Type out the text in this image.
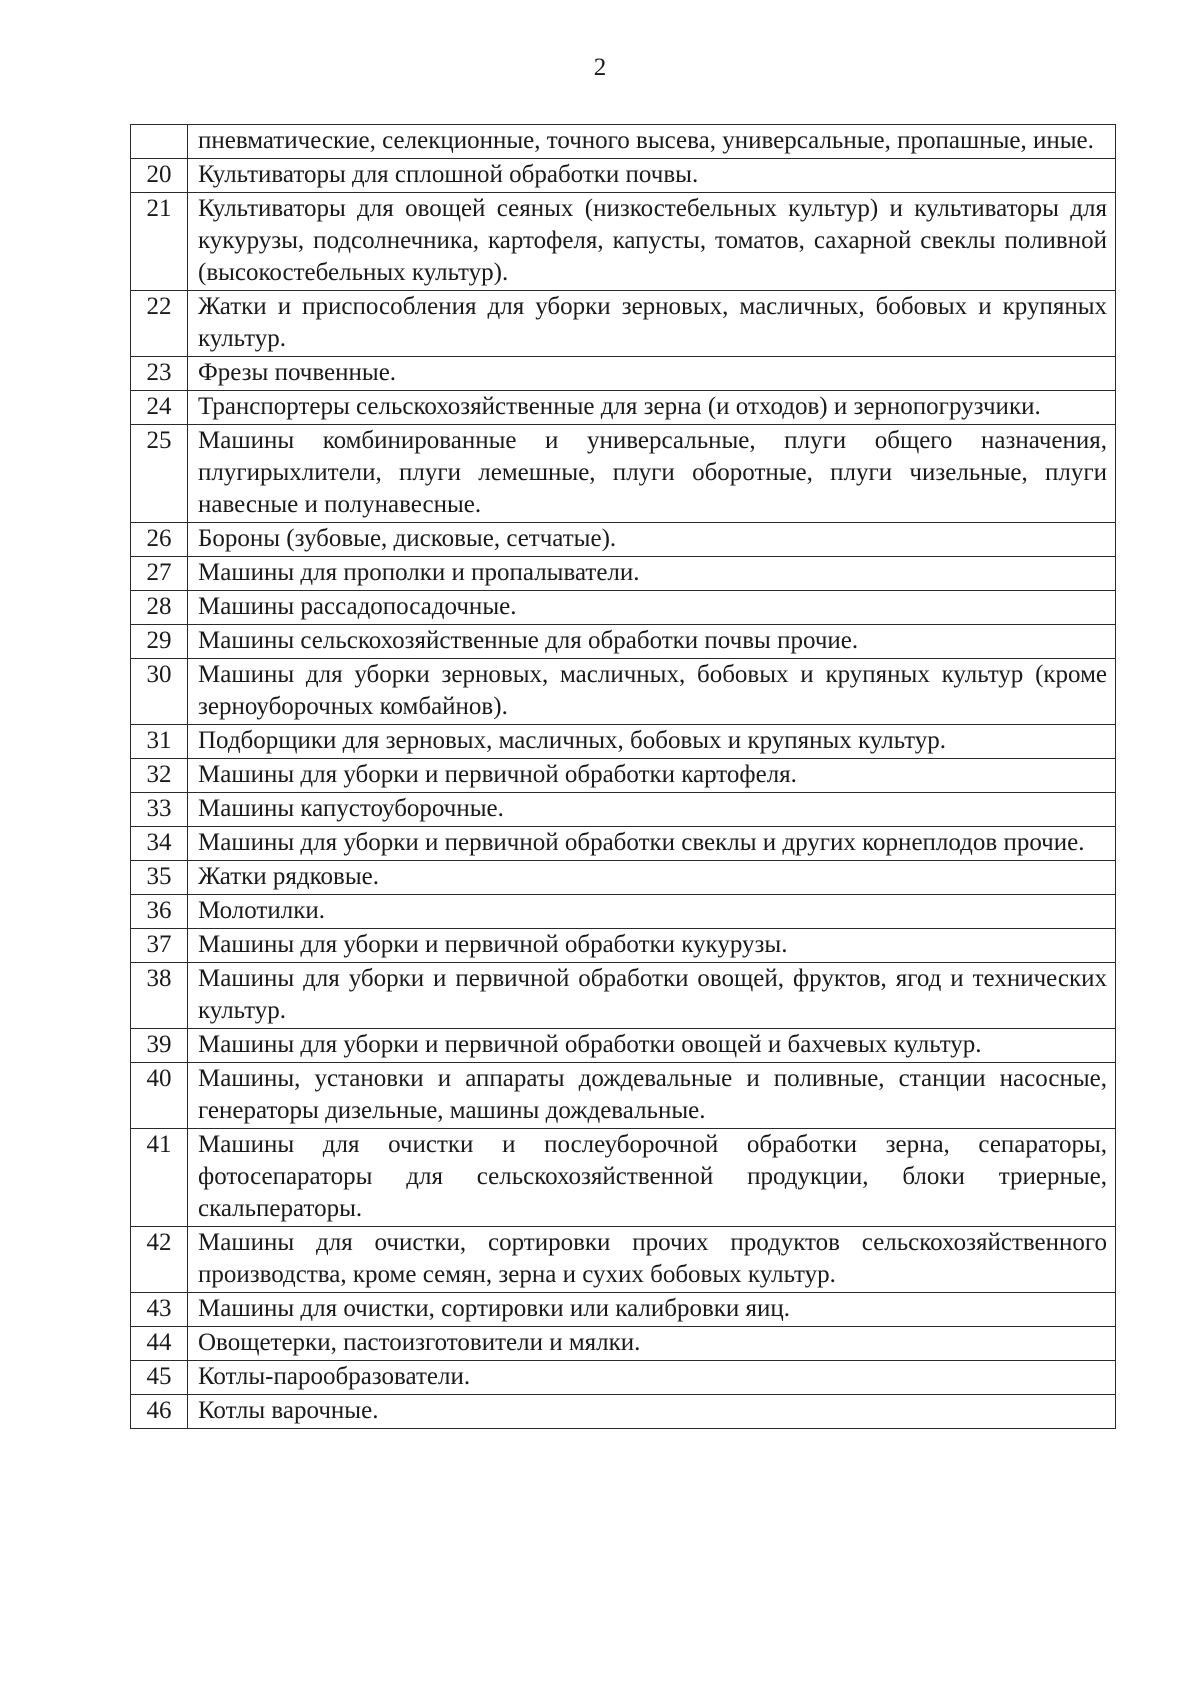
2
	пневматические, селекционные, точного высева, универсальные, пропашные, иные.
20	Культиваторы для сплошной обработки почвы.
21	Культиваторы для овощей сеяных (низкостебельных культур) и культиваторы для кукурузы, подсолнечника, картофеля, капусты, томатов, сахарной свеклы поливной (высокостебельных культур).
22	Жатки и приспособления для уборки зерновых, масличных, бобовых и крупяных культур.
23	Фрезы почвенные.
24	Транспортеры сельскохозяйственные для зерна (и отходов) и зернопогрузчики.
25	Машины комбинированные и универсальные, плуги общего назначения, плугирыхлители, плуги лемешные, плуги оборотные, плуги чизельные, плуги навесные и полунавесные.
26	Бороны (зубовые, дисковые, сетчатые).
27	Машины для прополки и пропалыватели.
28	Машины рассадопосадочные.
29	Машины сельскохозяйственные для обработки почвы прочие.
30	Машины для уборки зерновых, масличных, бобовых и крупяных культур (кроме зерноуборочных комбайнов).
31	Подборщики для зерновых, масличных, бобовых и крупяных культур.
32	Машины для уборки и первичной обработки картофеля.
33	Машины капустоуборочные.
34	Машины для уборки и первичной обработки свеклы и других корнеплодов прочие.
35	Жатки рядковые.
36	Молотилки.
37	Машины для уборки и первичной обработки кукурузы.
38	Машины для уборки и первичной обработки овощей, фруктов, ягод и технических культур.
39	Машины для уборки и первичной обработки овощей и бахчевых культур.
40	Машины, установки и аппараты дождевальные и поливные, станции насосные, генераторы дизельные, машины дождевальные.
41	Машины для очистки и послеуборочной обработки зерна, сепараторы, фотосепараторы для сельскохозяйственной продукции, блоки триерные, скальператоры.
42	Машины для очистки, сортировки прочих продуктов сельскохозяйственного производства, кроме семян, зерна и сухих бобовых культур.
43	Машины для очистки, сортировки или калибровки яиц.
44	Овощетерки, пастоизготовители и мялки.
45	Котлы-парообразователи.
46	Котлы варочные.
